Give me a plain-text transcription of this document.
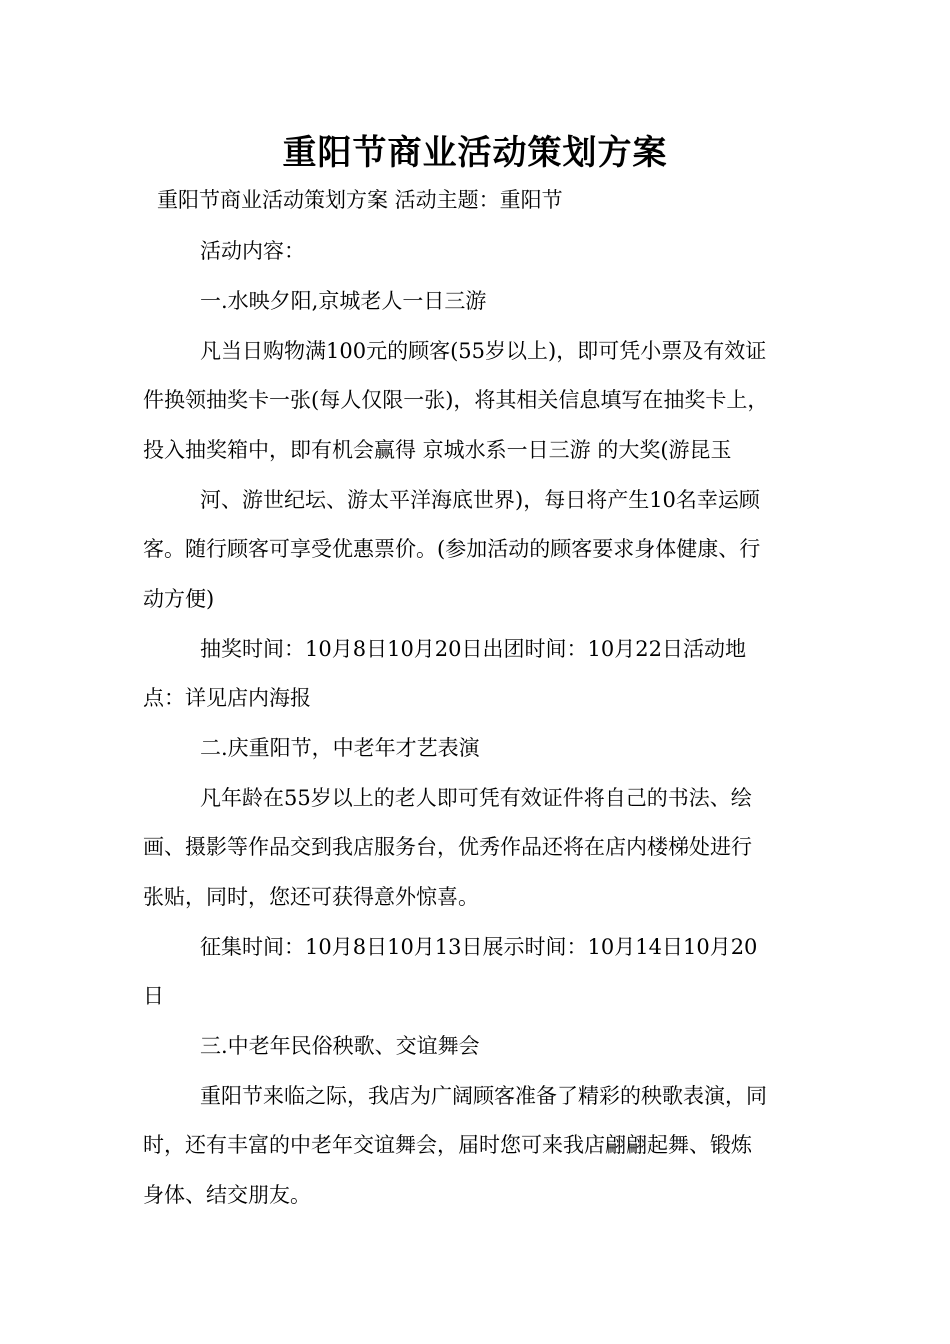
重阳节商业活动策划方案
重阳节商业活动策划方案 活动主题：重阳节
活动内容：
一.水映夕阳,京城老人一日三游
凡当日购物满100元的顾客(55岁以上)，即可凭小票及有效证
件换领抽奖卡一张(每人仅限一张)，将其相关信息填写在抽奖卡上，
投入抽奖箱中，即有机会赢得 京城水系一日三游 的大奖(游昆玉
河、游世纪坛、游太平洋海底世界)，每日将产生10名幸运顾
客。随行顾客可享受优惠票价。(参加活动的顾客要求身体健康、行
动方便)
抽奖时间：10月8日10月20日出团时间：10月22日活动地
点：详见店内海报
二.庆重阳节，中老年才艺表演
凡年龄在55岁以上的老人即可凭有效证件将自己的书法、绘
画、摄影等作品交到我店服务台，优秀作品还将在店内楼梯处进行
张贴，同时，您还可获得意外惊喜。
征集时间：10月8日10月13日展示时间：10月14日10月20
日
三.中老年民俗秧歌、交谊舞会
重阳节来临之际，我店为广阔顾客准备了精彩的秧歌表演，同
时，还有丰富的中老年交谊舞会，届时您可来我店翩翩起舞、锻炼
身体、结交朋友。
